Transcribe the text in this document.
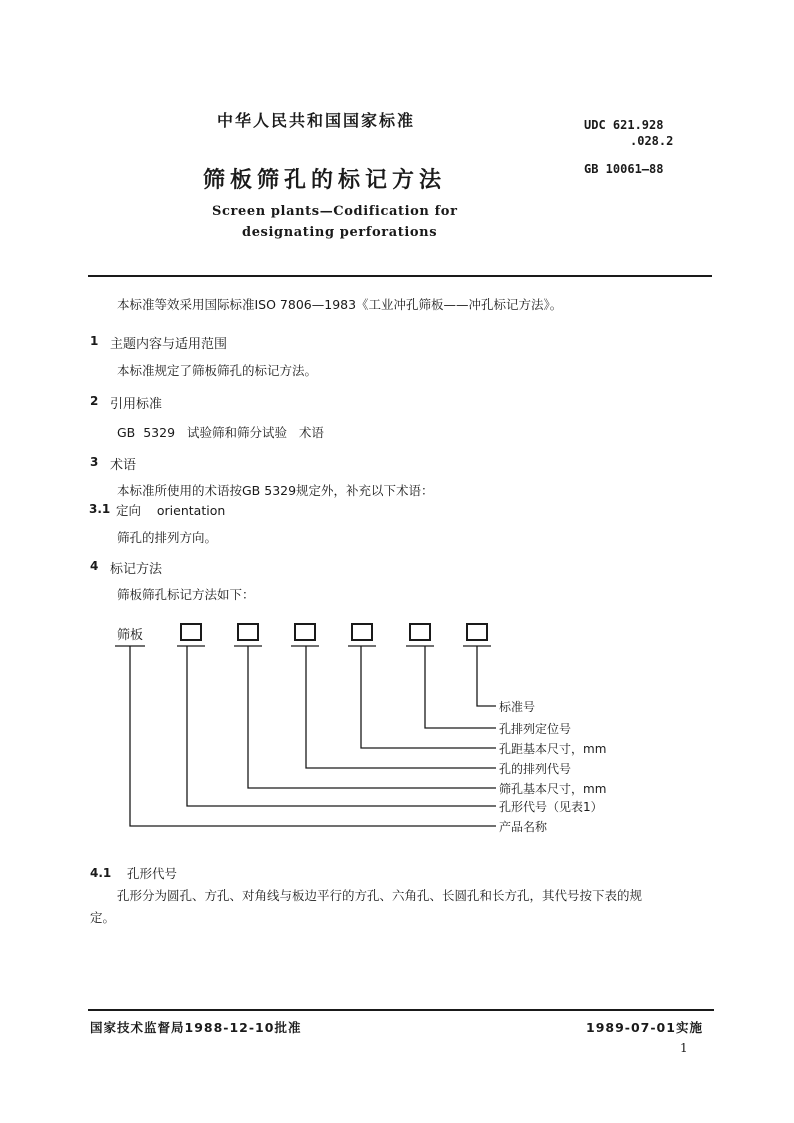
中华人民共和国国家标准
筛板筛孔的标记方法
Screen plants—Codification for
designating perforations
UDC 621.928
.028.2
GB 10061—88
本标准等效采用国际标准ISO 7806—1983《工业冲孔筛板——冲孔标记方法》。
1 主题内容与适用范围
本标准规定了筛板筛孔的标记方法。
2 引用标准
GB  5329   试验筛和筛分试验   术语
3 术语
本标准所使用的术语按GB 5329规定外，补充以下术语：
3.1 定向    orientation
筛孔的排列方向。
4 标记方法
筛板筛孔标记方法如下：
筛板
标准号
孔排列定位号
孔距基本尺寸，mm
孔的排列代号
筛孔基本尺寸，mm
孔形代号（见表1）
产品名称
4.1 孔形代号
孔形分为圆孔、方孔、对角线与板边平行的方孔、六角孔、长圆孔和长方孔，其代号按下表的规
定。
国家技术监督局1988-12-10批准	1989-07-01实施
1
